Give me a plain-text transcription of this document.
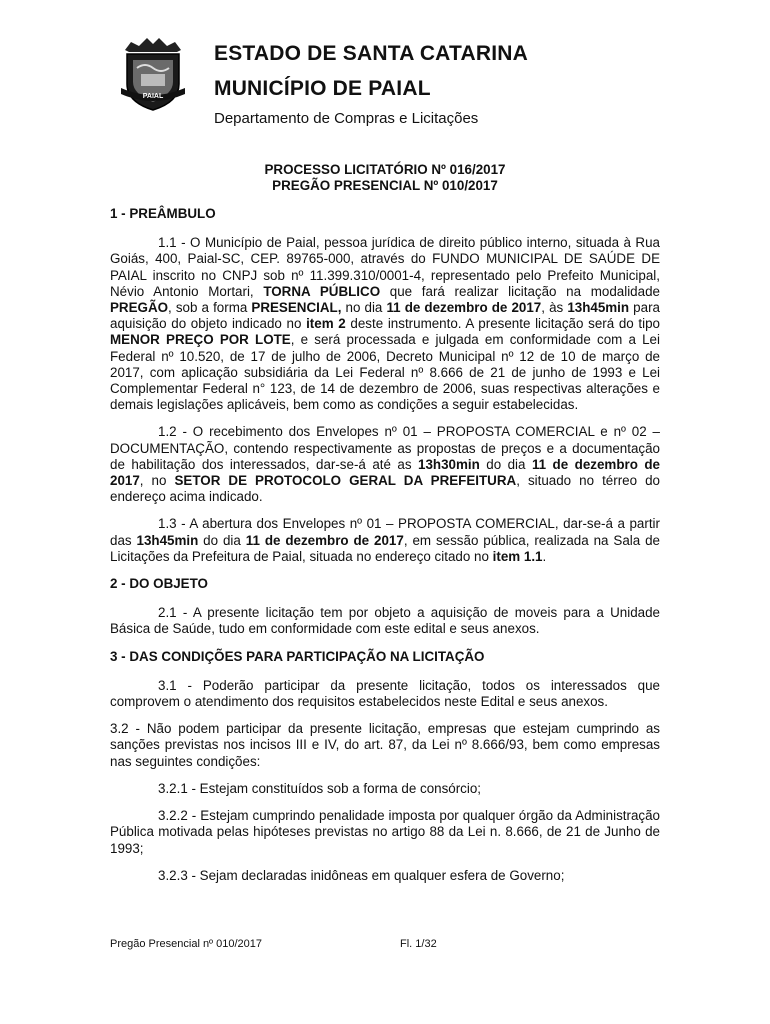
PAIAL
ESTADO DE SANTA CATARINA
MUNICÍPIO DE PAIAL
Departamento de Compras e Licitações
PROCESSO LICITATÓRIO Nº 016/2017
PREGÃO PRESENCIAL Nº 010/2017
1 - PREÂMBULO
1.1 - O Município de Paial, pessoa jurídica de direito público interno, situada à Rua Goiás, 400, Paial-SC, CEP. 89765-000, através do FUNDO MUNICIPAL DE SAÚDE DE PAIAL inscrito no CNPJ sob nº 11.399.310/0001-4, representado pelo Prefeito Municipal, Névio Antonio Mortari, TORNA PÚBLICO que fará realizar licitação na modalidade PREGÃO, sob a forma PRESENCIAL, no dia 11 de dezembro de 2017, às 13h45min para aquisição do objeto indicado no item 2 deste instrumento. A presente licitação será do tipo MENOR PREÇO POR LOTE, e será processada e julgada em conformidade com a Lei Federal nº 10.520, de 17 de julho de 2006, Decreto Municipal nº 12 de 10 de março de 2017, com aplicação subsidiária da Lei Federal nº 8.666 de 21 de junho de 1993 e Lei Complementar Federal n° 123, de 14 de dezembro de 2006, suas respectivas alterações e demais legislações aplicáveis, bem como as condições a seguir estabelecidas.
1.2 - O recebimento dos Envelopes nº 01 – PROPOSTA COMERCIAL e nº 02 – DOCUMENTAÇÃO, contendo respectivamente as propostas de preços e a documentação de habilitação dos interessados, dar-se-á até as 13h30min do dia 11 de dezembro de 2017, no SETOR DE PROTOCOLO GERAL DA PREFEITURA, situado no térreo do endereço acima indicado.
1.3 - A abertura dos Envelopes nº 01 – PROPOSTA COMERCIAL, dar-se-á a partir das 13h45min do dia 11 de dezembro de 2017, em sessão pública, realizada na Sala de Licitações da Prefeitura de Paial, situada no endereço citado no item 1.1.
2 - DO OBJETO
2.1 - A presente licitação tem por objeto a aquisição de moveis para a Unidade Básica de Saúde, tudo em conformidade com este edital e seus anexos.
3 - DAS CONDIÇÕES PARA PARTICIPAÇÃO NA LICITAÇÃO
3.1 - Poderão participar da presente licitação, todos os interessados que comprovem o atendimento dos requisitos estabelecidos neste Edital e seus anexos.
3.2 - Não podem participar da presente licitação, empresas que estejam cumprindo as sanções previstas nos incisos III e IV, do art. 87, da Lei nº 8.666/93, bem como empresas nas seguintes condições:
3.2.1 - Estejam constituídos sob a forma de consórcio;
3.2.2 - Estejam cumprindo penalidade imposta por qualquer órgão da Administração Pública motivada pelas hipóteses previstas no artigo 88 da Lei n. 8.666, de 21 de Junho de 1993;
3.2.3 - Sejam declaradas inidôneas em qualquer esfera de Governo;
Pregão Presencial nº 010/2017	Fl. 1/32
